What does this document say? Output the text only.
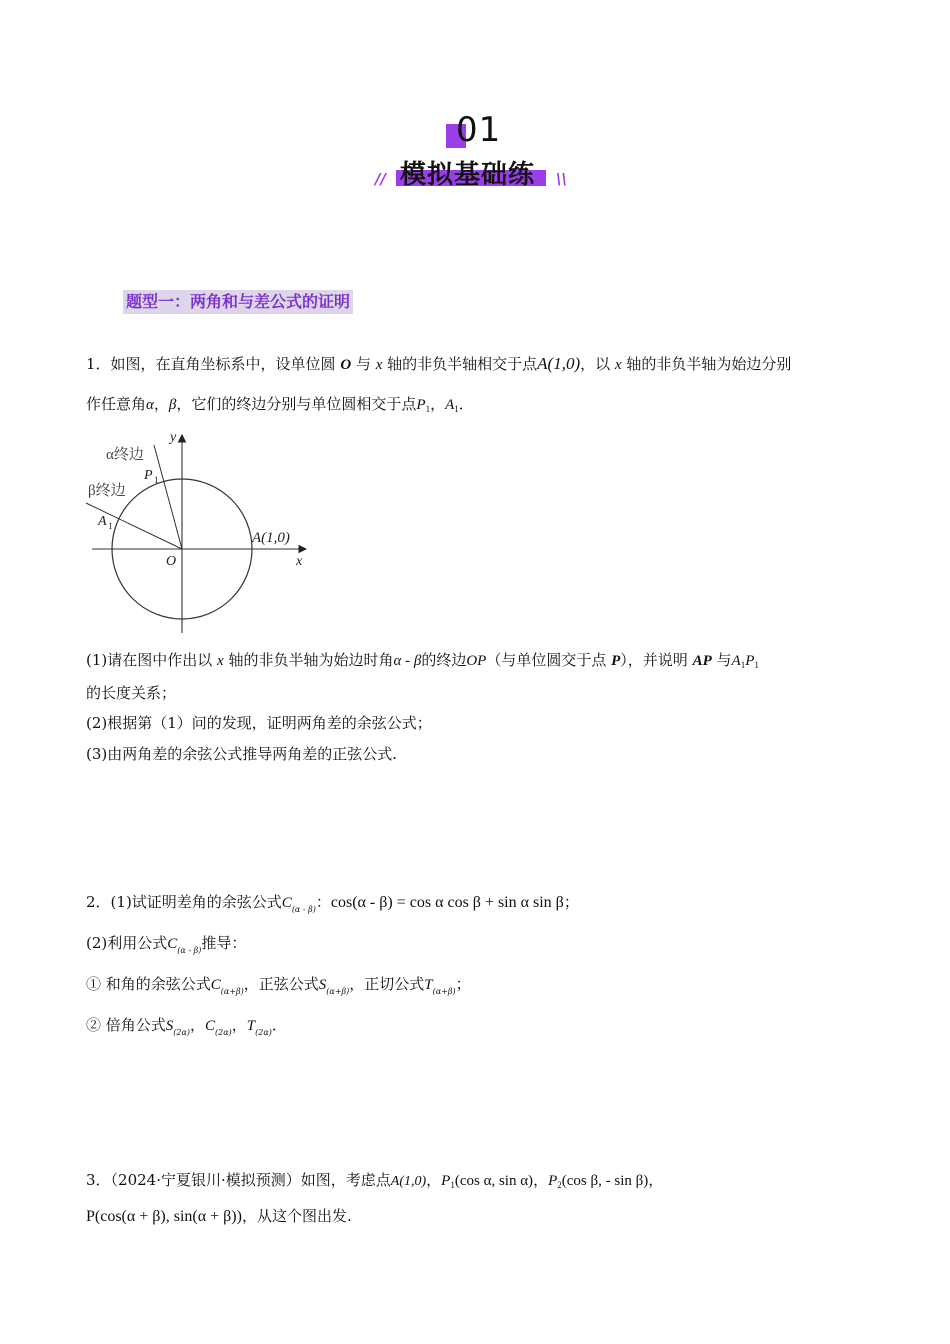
01
模拟基础练
//	\\
题型一：两角和与差公式的证明
1．如图，在直角坐标系中，设单位圆 O 与 x 轴的非负半轴相交于点A(1,0)，以 x 轴的非负半轴为始边分别
作任意角α，β，它们的终边分别与单位圆相交于点$P_1$，$A_1$．
α终边
β终边
y
x
O
P 1
A 1
A(1,0)
(1)请在图中作出以 x 轴的非负半轴为始边时角α - β的终边OP（与单位圆交于点 P），并说明 AP 与$A_1P_1$
的长度关系；
(2)根据第（1）问的发现，证明两角差的余弦公式；
(3)由两角差的余弦公式推导两角差的正弦公式.
2．(1)试证明差角的余弦公式$C_{(\alpha - \beta)}$：cos(α - β) = cos α cos β + sin α sin β；
(2)利用公式$C_{(\alpha - \beta)}$推导：
① 和角的余弦公式$C_{(\alpha+\beta)}$，正弦公式$S_{(\alpha+\beta)}$，正切公式$T_{(\alpha+\beta)}$；
② 倍角公式$S_{(2\alpha)}$，$C_{(2\alpha)}$，$T_{(2\alpha)}$．
3．（2024·宁夏银川·模拟预测）如图，考虑点A(1,0)，$P_1(\cos$ α, sin α)，$P_2(\cos$ β, - sin β)，
P(cos(α + β), sin(α + β))，从这个图出发.
